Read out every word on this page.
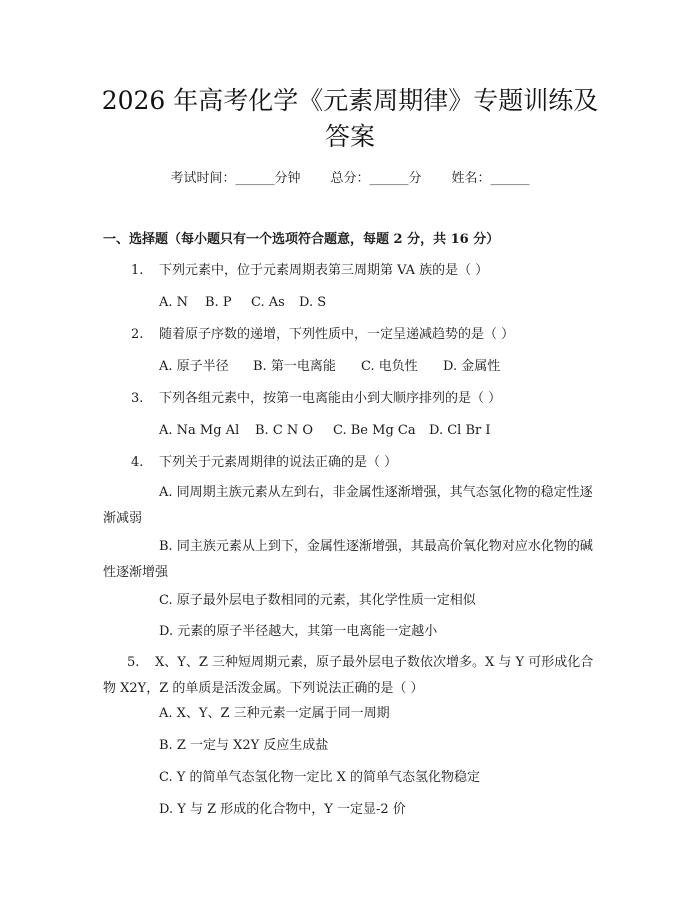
2026 年高考化学《元素周期律》专题训练及
答案
考试时间：______分钟 总分：______分 姓名：______
一、选择题（每小题只有一个选项符合题意，每题 2 分，共 16 分）
1. 下列元素中，位于元素周期表第三周期第 VA 族的是（ ）
A. N B. P C. As D. S
2. 随着原子序数的递增，下列性质中，一定呈递减趋势的是（ ）
A. 原子半径 B. 第一电离能 C. 电负性 D. 金属性
3. 下列各组元素中，按第一电离能由小到大顺序排列的是（ ）
A. Na Mg Al B. C N O C. Be Mg Ca D. Cl Br I
4. 下列关于元素周期律的说法正确的是（ ）
A. 同周期主族元素从左到右，非金属性逐渐增强，其气态氢化物的稳定性逐渐减弱
B. 同主族元素从上到下，金属性逐渐增强，其最高价氧化物对应水化物的碱性逐渐增强
C. 原子最外层电子数相同的元素，其化学性质一定相似
D. 元素的原子半径越大，其第一电离能一定越小
5. X、Y、Z 三种短周期元素，原子最外层电子数依次增多。X 与 Y 可形成化合物 X2Y，Z 的单质是活泼金属。下列说法正确的是（ ）
A. X、Y、Z 三种元素一定属于同一周期
B. Z 一定与 X2Y 反应生成盐
C. Y 的简单气态氢化物一定比 X 的简单气态氢化物稳定
D. Y 与 Z 形成的化合物中，Y 一定显-2 价
